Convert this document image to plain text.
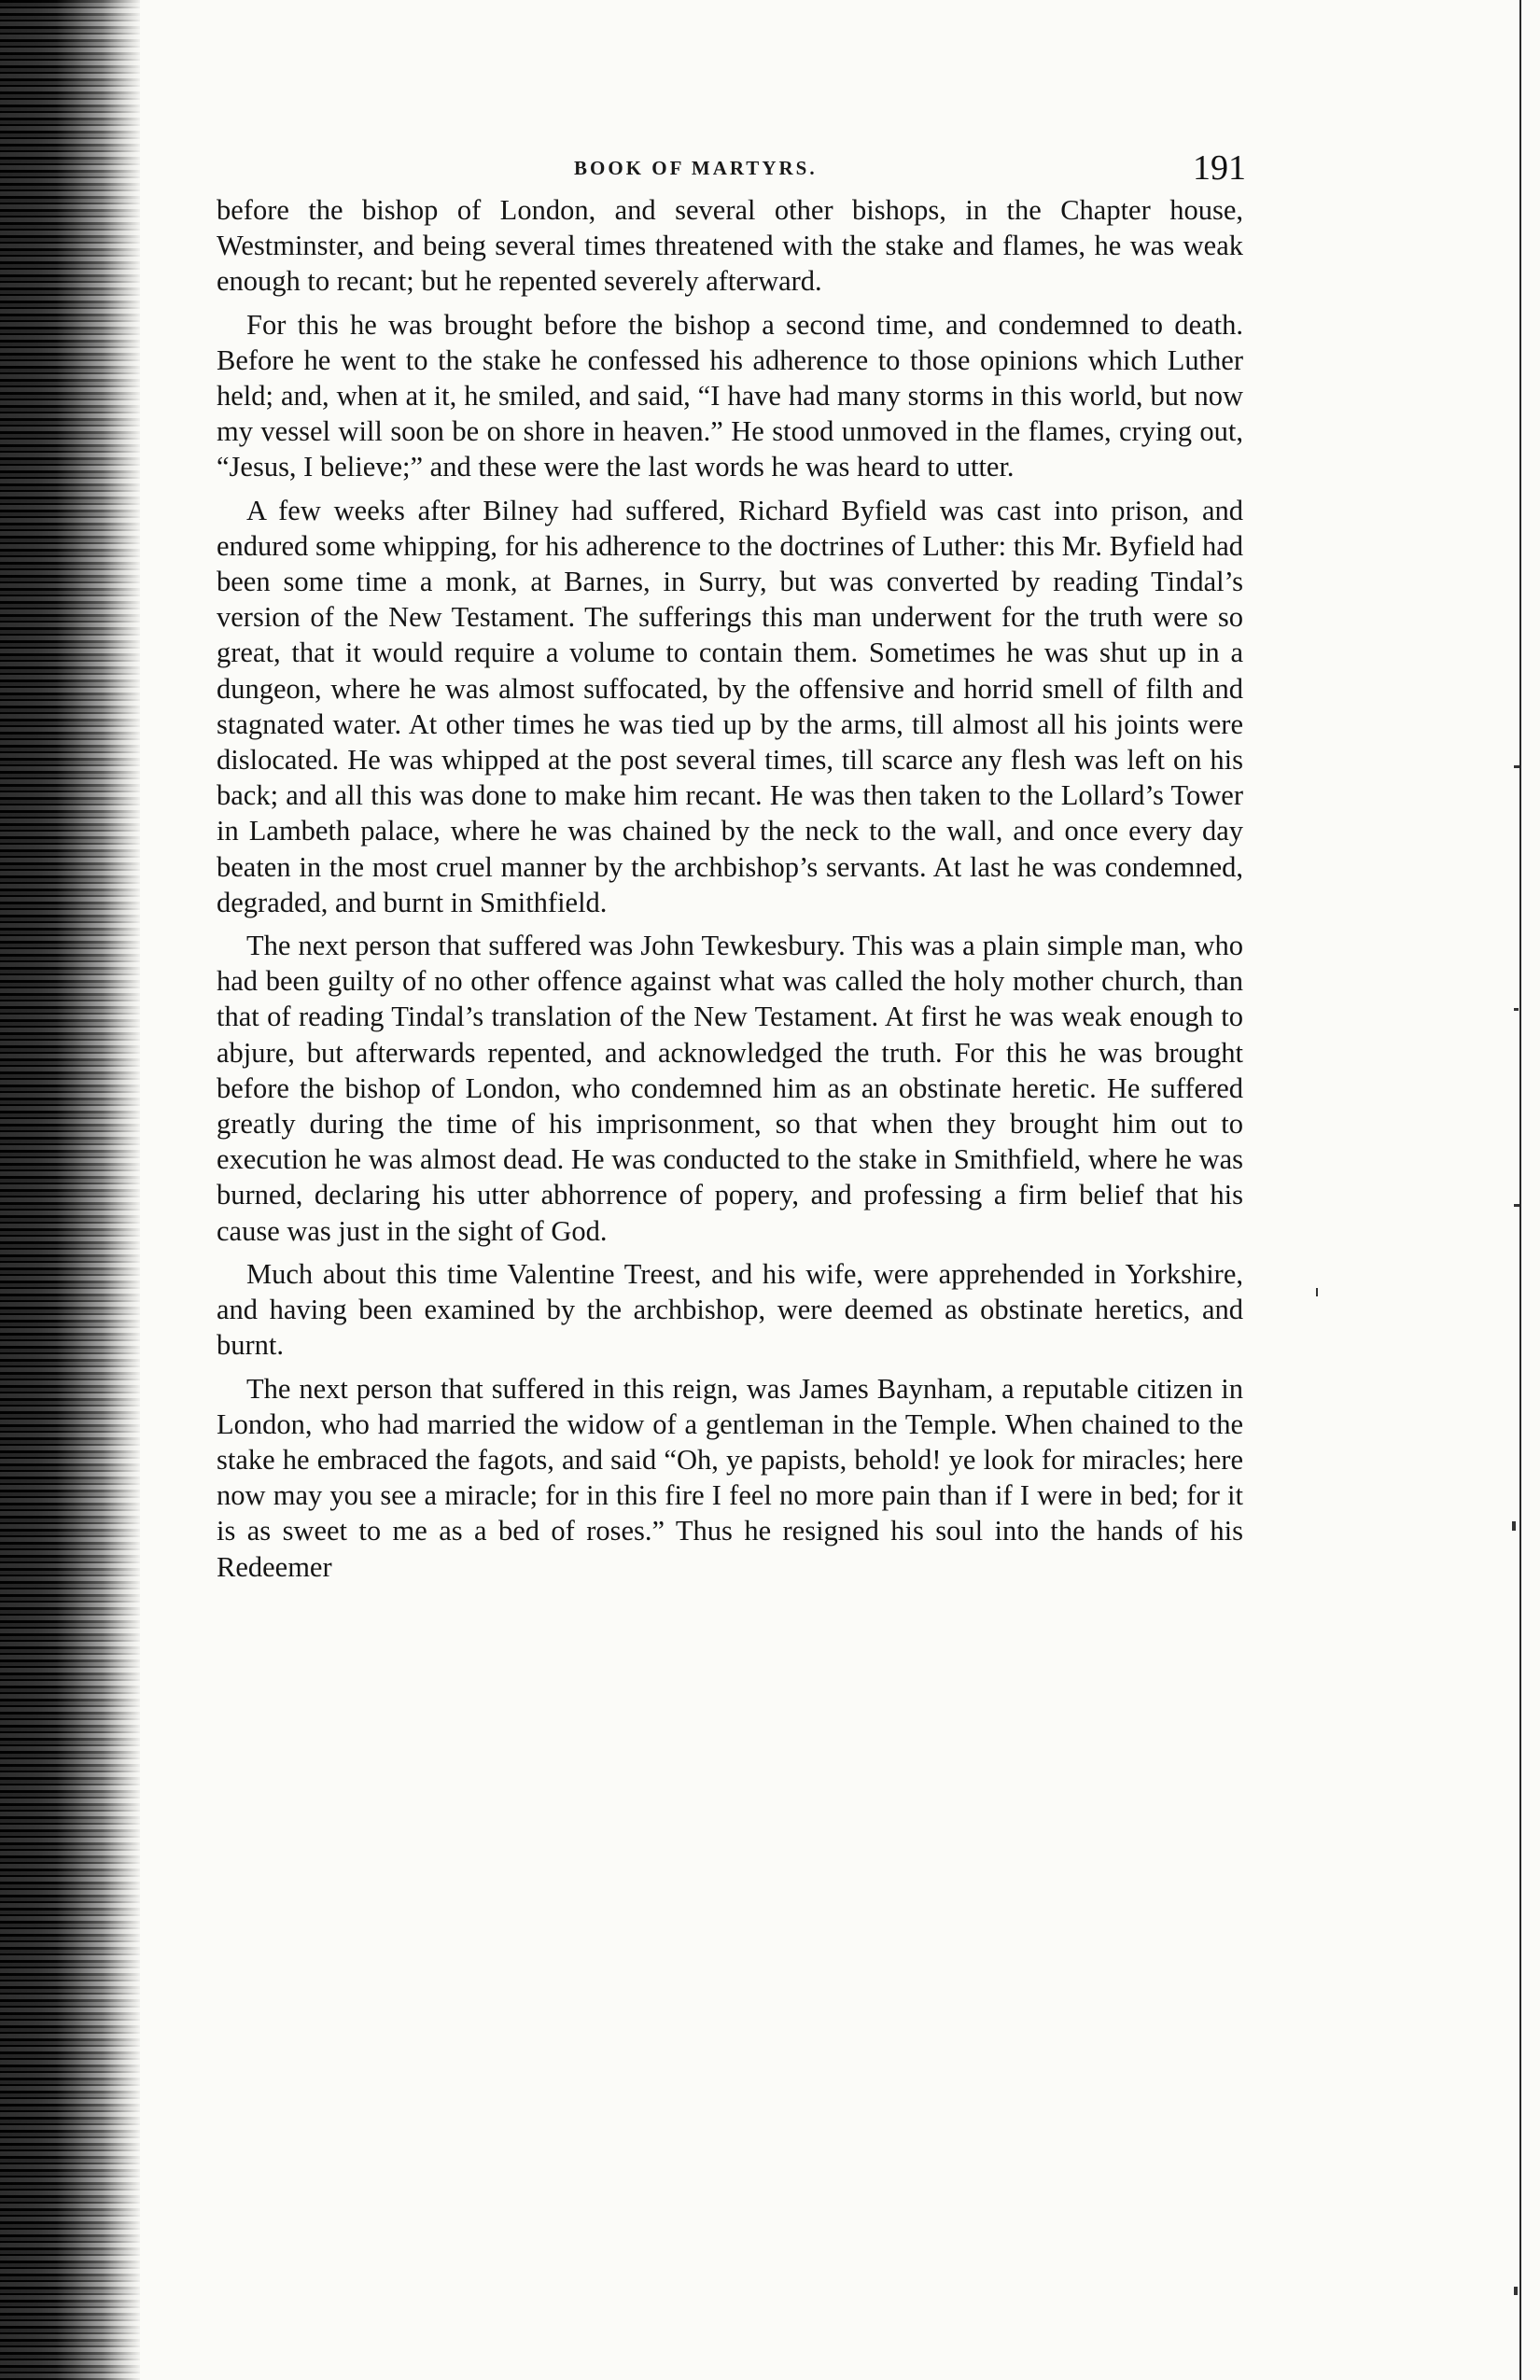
BOOK OF MARTYRS.	191

before the bishop of London, and several other bishops, in the Chapter house, Westminster, and being several times threatened with the stake and flames, he was weak enough to recant; but he repented severely afterward.

For this he was brought before the bishop a second time, and condemned to death. Before he went to the stake he confessed his adherence to those opinions which Luther held; and, when at it, he smiled, and said, “I have had many storms in this world, but now my vessel will soon be on shore in heaven.” He stood unmoved in the flames, crying out, “Jesus, I believe;” and these were the last words he was heard to utter.

A few weeks after Bilney had suffered, Richard Byfield was cast into prison, and endured some whipping, for his adherence to the doctrines of Luther: this Mr. Byfield had been some time a monk, at Barnes, in Surry, but was converted by reading Tindal’s version of the New Testament. The sufferings this man underwent for the truth were so great, that it would require a volume to contain them. Sometimes he was shut up in a dungeon, where he was almost suffocated, by the offensive and horrid smell of filth and stagnated water. At other times he was tied up by the arms, till almost all his joints were dislocated. He was whipped at the post several times, till scarce any flesh was left on his back; and all this was done to make him recant. He was then taken to the Lollard’s Tower in Lambeth palace, where he was chained by the neck to the wall, and once every day beaten in the most cruel manner by the archbishop’s servants. At last he was condemned, degraded, and burnt in Smithfield.

The next person that suffered was John Tewkesbury. This was a plain simple man, who had been guilty of no other offence against what was called the holy mother church, than that of reading Tindal’s translation of the New Testament. At first he was weak enough to abjure, but afterwards repented, and acknowledged the truth. For this he was brought before the bishop of London, who condemned him as an obstinate heretic. He suffered greatly during the time of his imprisonment, so that when they brought him out to execution he was almost dead. He was conducted to the stake in Smithfield, where he was burned, declaring his utter abhorrence of popery, and professing a firm belief that his cause was just in the sight of God.

Much about this time Valentine Treest, and his wife, were apprehended in Yorkshire, and having been examined by the archbishop, were deemed as obstinate heretics, and burnt.

The next person that suffered in this reign, was James Baynham, a reputable citizen in London, who had married the widow of a gentleman in the Temple. When chained to the stake he embraced the fagots, and said “Oh, ye papists, behold! ye look for miracles; here now may you see a miracle; for in this fire I feel no more pain than if I were in bed; for it is as sweet to me as a bed of roses.” Thus he resigned his soul into the hands of his Redeemer
